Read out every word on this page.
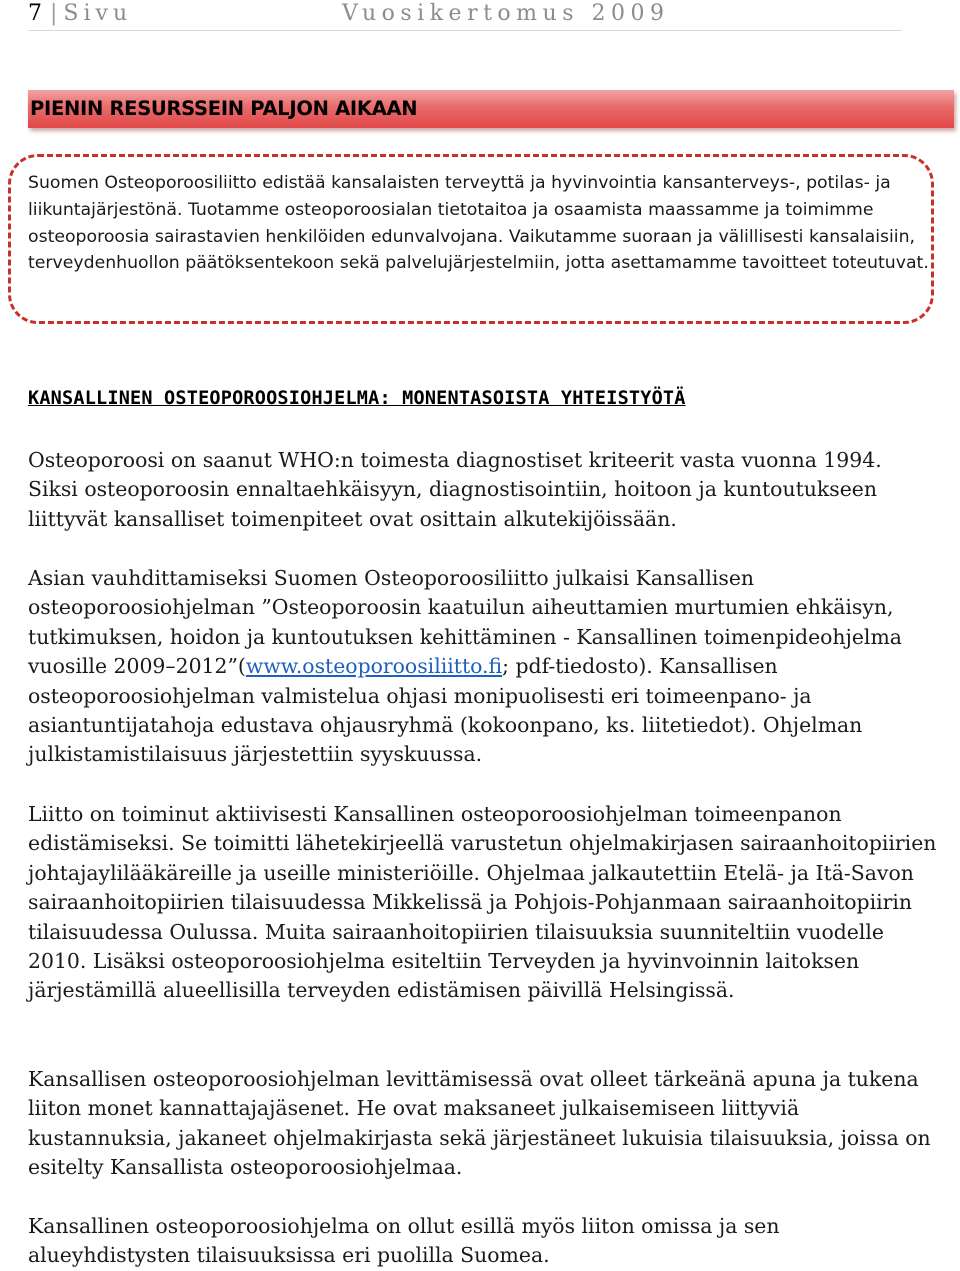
7 | Sivu	Vuosikertomus 2009
PIENIN RESURSSEIN PALJON AIKAAN

Suomen Osteoporoosiliitto edistää kansalaisten terveyttä ja hyvinvointia kansanterveys-, potilas- ja liikuntajärjestönä. Tuotamme osteoporoosialan tietotaitoa ja osaamista maassamme ja toimimme osteoporoosia sairastavien henkilöiden edunvalvojana. Vaikutamme suoraan ja välillisesti kansalaisiin, terveydenhuollon päätöksentekoon sekä palvelujärjestelmiin, jotta asettamamme tavoitteet toteutuvat.

KANSALLINEN OSTEOPOROOSIOHJELMA: MONENTASOISTA YHTEISTYÖTÄ

Osteoporoosi on saanut WHO:n toimesta diagnostiset kriteerit vasta vuonna 1994. Siksi osteoporoosin ennaltaehkäisyyn, diagnostisointiin, hoitoon ja kuntoutukseen liittyvät kansalliset toimenpiteet ovat osittain alkutekijöissään.

Asian vauhdittamiseksi Suomen Osteoporoosiliitto julkaisi Kansallisen osteoporoosiohjelman ”Osteoporoosin kaatuilun aiheuttamien murtumien ehkäisyn, tutkimuksen, hoidon ja kuntoutuksen kehittäminen - Kansallinen toimenpideohjelma vuosille 2009–2012”(www.osteoporoosiliitto.fi; pdf-tiedosto). Kansallisen osteoporoosiohjelman valmistelua ohjasi monipuolisesti eri toimeenpano- ja asiantuntijatahoja edustava ohjausryhmä (kokoonpano, ks. liitetiedot). Ohjelman julkistamistilaisuus järjestettiin syyskuussa.

Liitto on toiminut aktiivisesti Kansallinen osteoporoosiohjelman toimeenpanon edistämiseksi. Se toimitti lähetekirjeellä varustetun ohjelmakirjasen sairaanhoitopiirien johtajaylilääkäreille ja useille ministeriöille. Ohjelmaa jalkautettiin Etelä- ja Itä-Savon sairaanhoitopiirien tilaisuudessa Mikkelissä ja Pohjois-Pohjanmaan sairaanhoitopiirin tilaisuudessa Oulussa. Muita sairaanhoitopiirien tilaisuuksia suunniteltiin vuodelle 2010. Lisäksi osteoporoosiohjelma esiteltiin Terveyden ja hyvinvoinnin laitoksen järjestämillä alueellisilla terveyden edistämisen päivillä Helsingissä.

Kansallisen osteoporoosiohjelman levittämisessä ovat olleet tärkeänä apuna ja tukena liiton monet kannattajajäsenet. He ovat maksaneet julkaisemiseen liittyviä kustannuksia, jakaneet ohjelmakirjasta sekä järjestäneet lukuisia tilaisuuksia, joissa on esitelty Kansallista osteoporoosiohjelmaa.

Kansallinen osteoporoosiohjelma on ollut esillä myös liiton omissa ja sen alueyhdistysten tilaisuuksissa eri puolilla Suomea.
